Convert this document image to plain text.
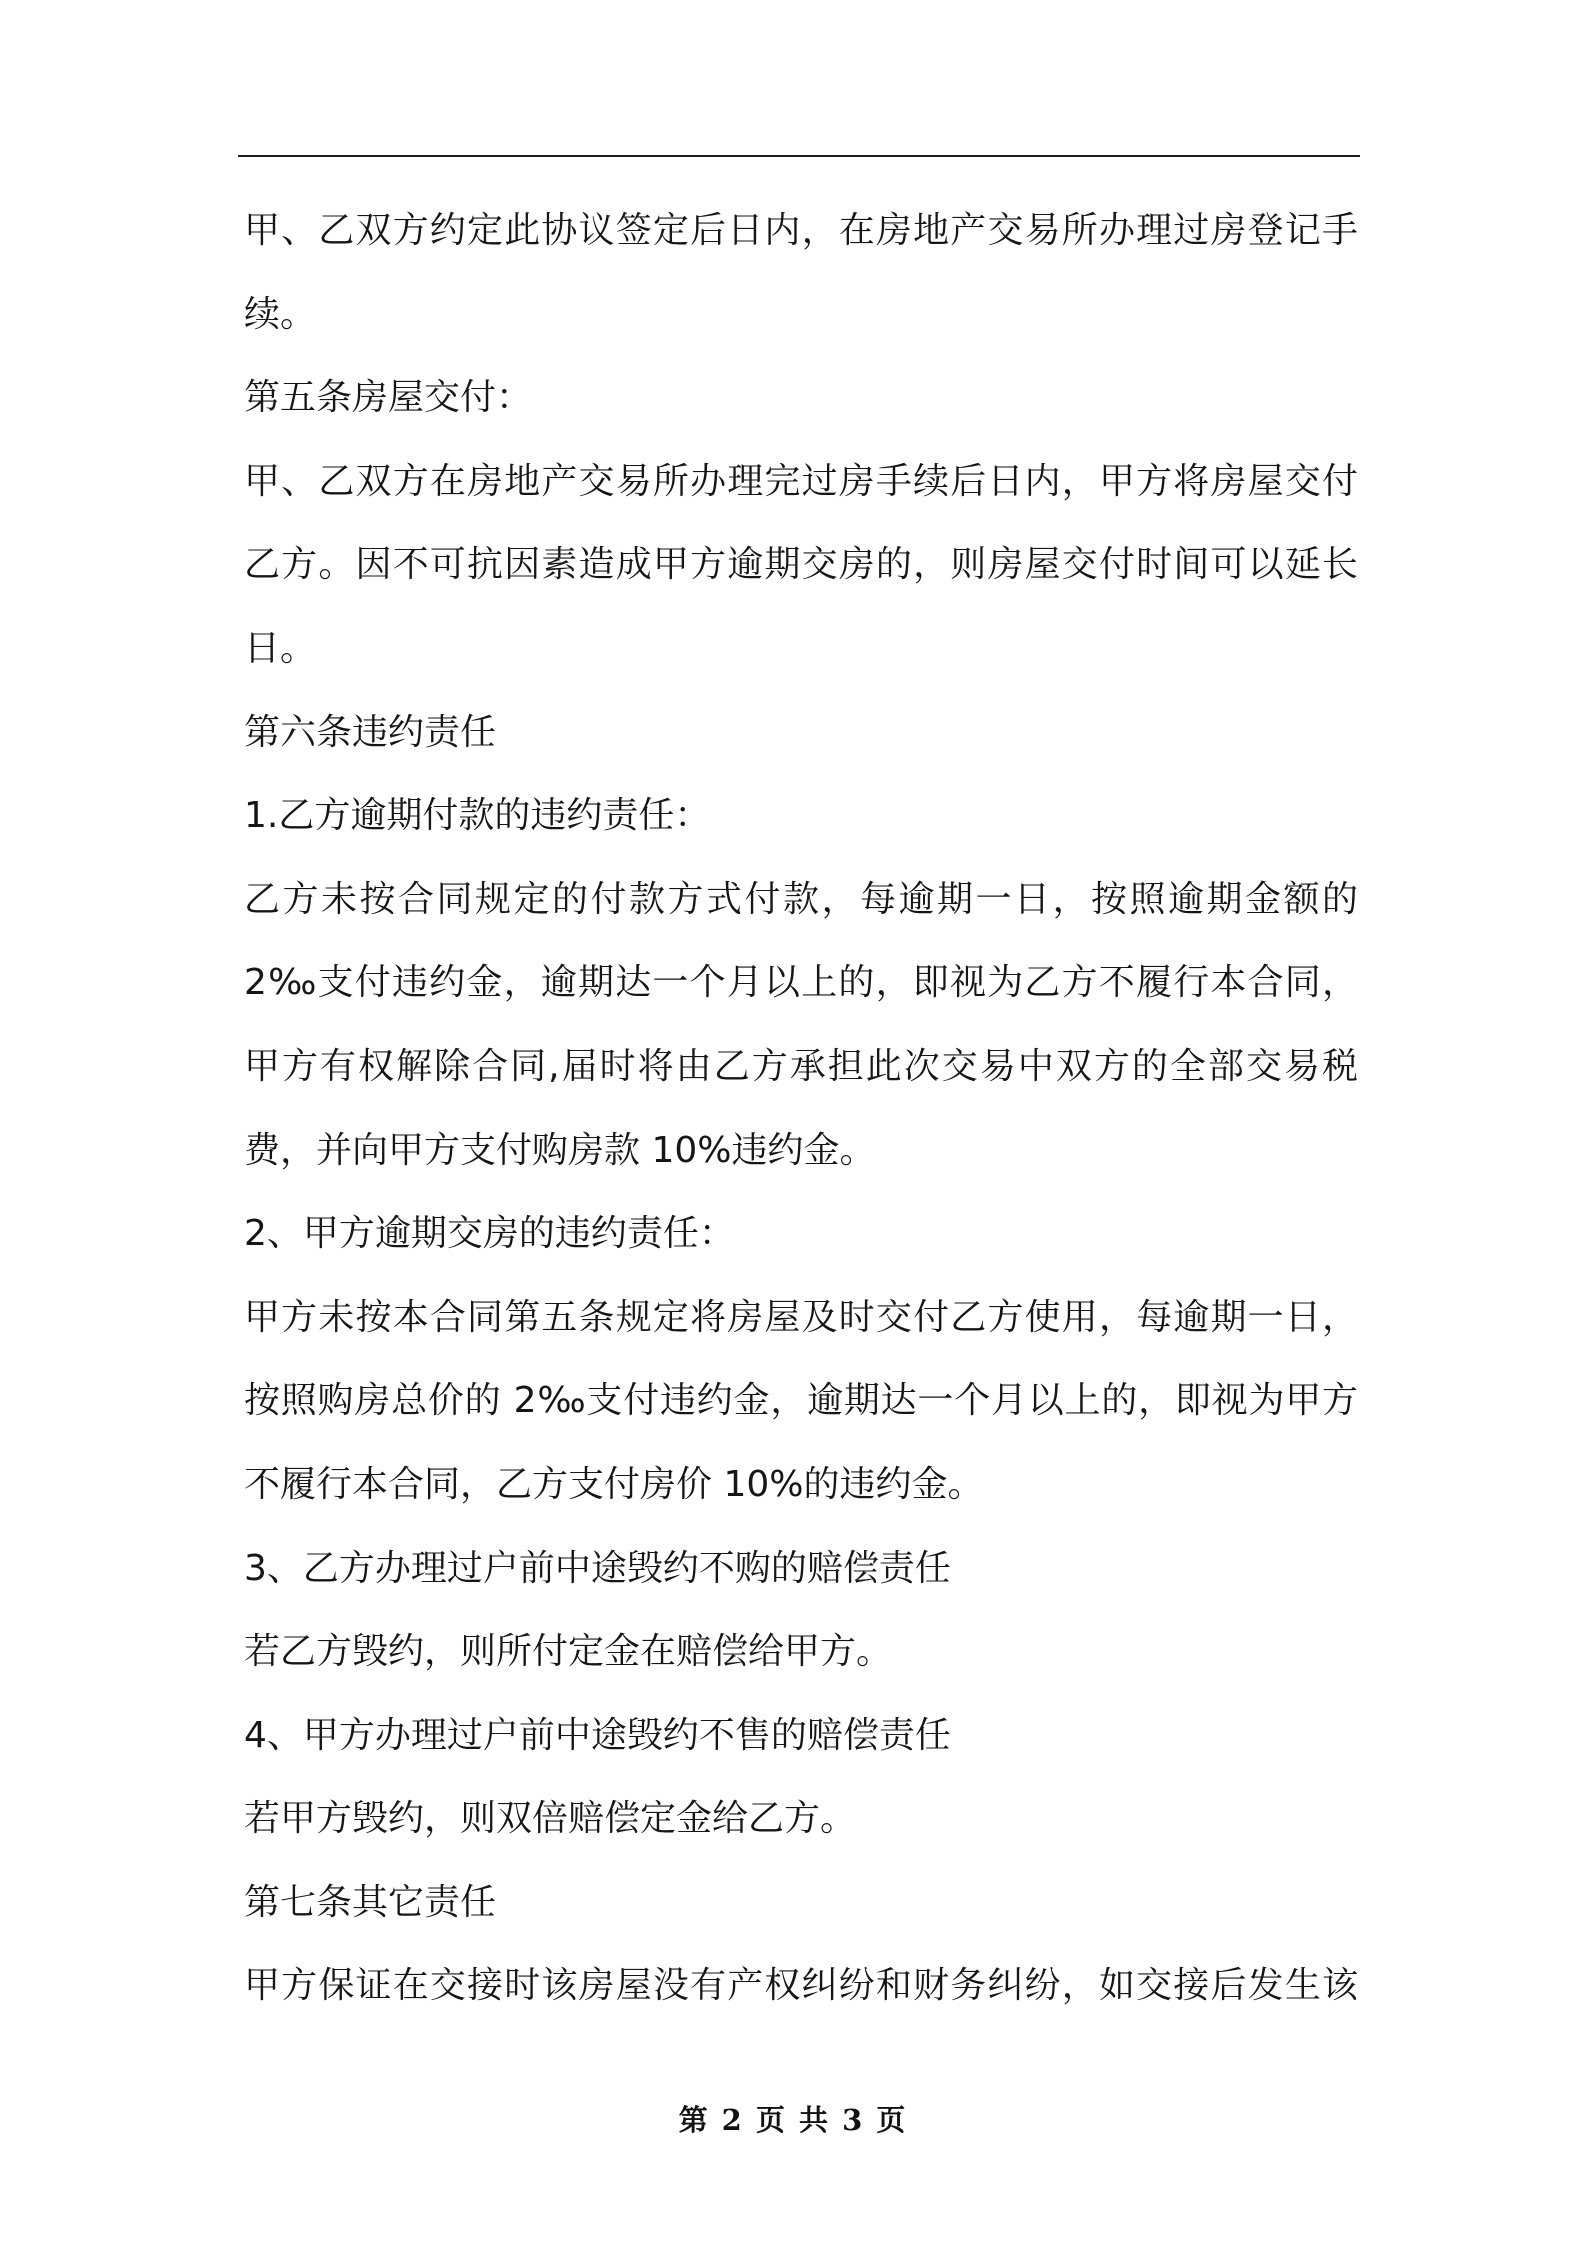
甲、乙双方约定此协议签定后日内，在房地产交易所办理过房登记手
续。
第五条房屋交付：
甲、乙双方在房地产交易所办理完过房手续后日内，甲方将房屋交付
乙方。因不可抗因素造成甲方逾期交房的，则房屋交付时间可以延长
日。
第六条违约责任
1.乙方逾期付款的违约责任：
乙方未按合同规定的付款方式付款，每逾期一日，按照逾期金额的
2‰支付违约金，逾期达一个月以上的，即视为乙方不履行本合同，
甲方有权解除合同,届时将由乙方承担此次交易中双方的全部交易税
费，并向甲方支付购房款 10%违约金。
2、甲方逾期交房的违约责任：
甲方未按本合同第五条规定将房屋及时交付乙方使用，每逾期一日，
按照购房总价的 2‰支付违约金，逾期达一个月以上的，即视为甲方
不履行本合同，乙方支付房价 10%的违约金。
3、乙方办理过户前中途毁约不购的赔偿责任
若乙方毁约，则所付定金在赔偿给甲方。
4、甲方办理过户前中途毁约不售的赔偿责任
若甲方毁约，则双倍赔偿定金给乙方。
第七条其它责任
甲方保证在交接时该房屋没有产权纠纷和财务纠纷，如交接后发生该
第 2 页 共 3 页
